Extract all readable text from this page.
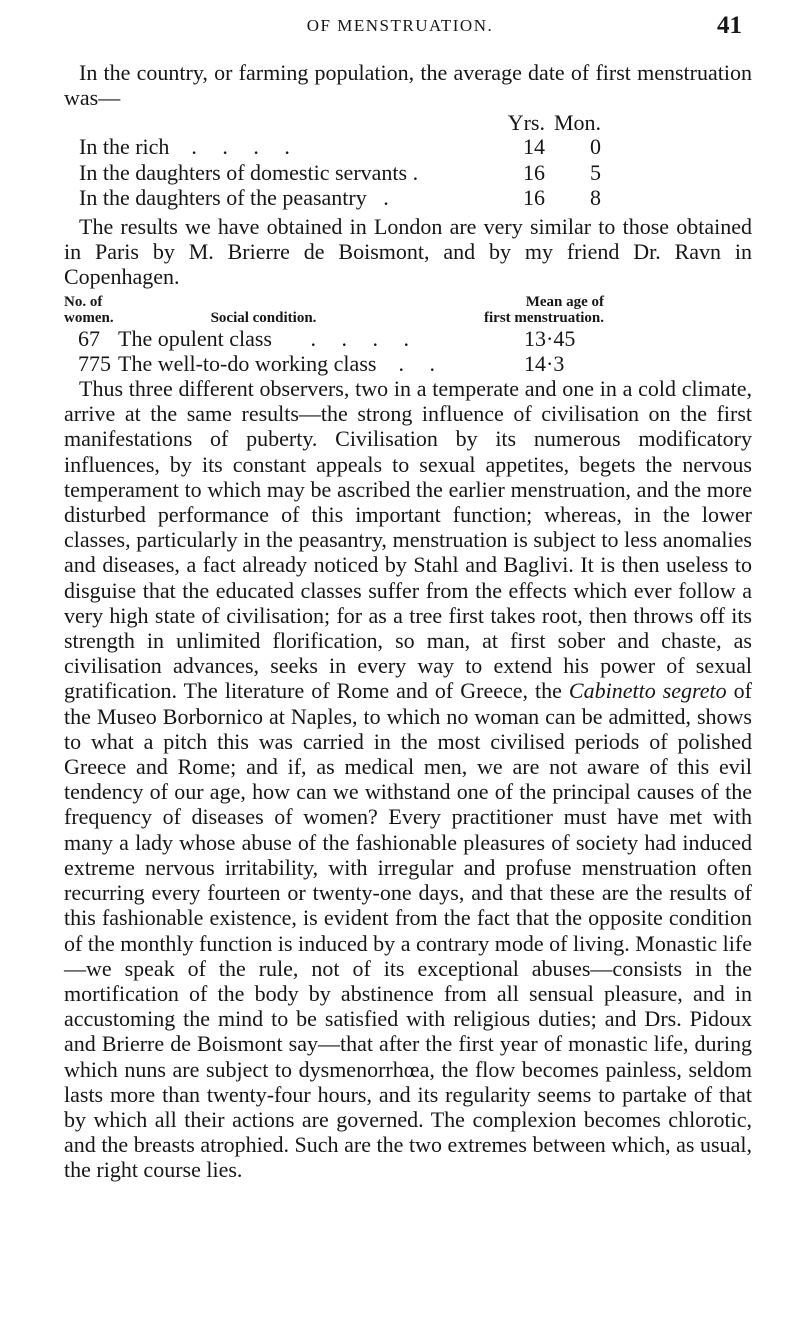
OF MENSTRUATION.	41

In the country, or farming population, the average date of first menstruation was—

Yrs. Mon.
In the rich . . . .	14	0
In the daughters of domestic servants .	16	5
In the daughters of the peasantry .	16	8

The results we have obtained in London are very similar to those obtained in Paris by M. Brierre de Boismont, and by my friend Dr. Ravn in Copenhagen.

No. of
women.	Social condition.
Mean age of
first menstruation.
67 The opulent class . . . .	13·45
775 The well-to-do working class . .	14·3

Thus three different observers, two in a temperate and one in a cold climate, arrive at the same results—the strong influence of civilisation on the first manifestations of puberty. Civilisation by its numerous modificatory influences, by its constant appeals to sexual appetites, begets the nervous temperament to which may be ascribed the earlier menstruation, and the more disturbed performance of this important function; whereas, in the lower classes, particularly in the peasantry, menstruation is subject to less anomalies and diseases, a fact already noticed by Stahl and Baglivi. It is then useless to disguise that the educated classes suffer from the effects which ever follow a very high state of civilisation; for as a tree first takes root, then throws off its strength in unlimited florification, so man, at first sober and chaste, as civilisation advances, seeks in every way to extend his power of sexual gratification. The literature of Rome and of Greece, the Cabinetto segreto of the Museo Borbornico at Naples, to which no woman can be admitted, shows to what a pitch this was carried in the most civilised periods of polished Greece and Rome; and if, as medical men, we are not aware of this evil tendency of our age, how can we withstand one of the principal causes of the frequency of diseases of women? Every practitioner must have met with many a lady whose abuse of the fashionable pleasures of society had induced extreme nervous irritability, with irregular and profuse menstruation often recurring every fourteen or twenty-one days, and that these are the results of this fashionable existence, is evident from the fact that the opposite condition of the monthly function is induced by a contrary mode of living. Monastic life—we speak of the rule, not of its exceptional abuses—consists in the mortification of the body by abstinence from all sensual pleasure, and in accustoming the mind to be satisfied with religious duties; and Drs. Pidoux and Brierre de Boismont say—that after the first year of monastic life, during which nuns are subject to dysmenorrhœa, the flow becomes painless, seldom lasts more than twenty-four hours, and its regularity seems to partake of that by which all their actions are governed. The complexion becomes chlorotic, and the breasts atrophied. Such are the two extremes between which, as usual, the right course lies.
